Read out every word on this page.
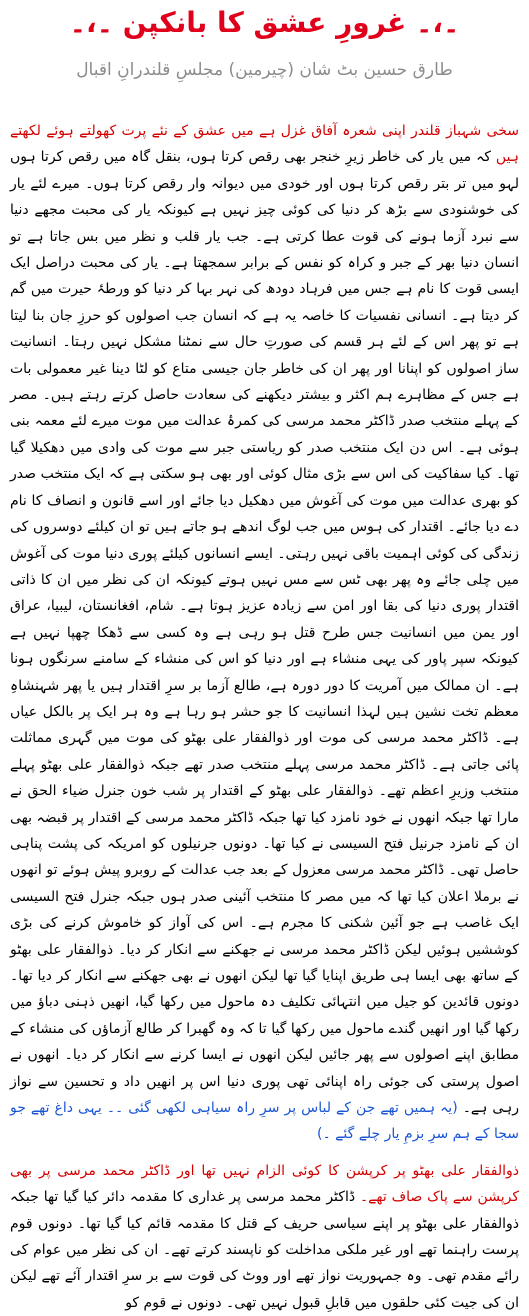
۔،۔ غرورِ عشق کا بانکپن ۔،۔
طارق حسین بٹ شان (چیرمین) مجلسِ قلندرانِ اقبال

سخی شہباز قلندر اپنی شعرہ آفاق غزل ہے میں عشق کے نئے پرت کھولتے ہوئے لکھتے ہیں کہ میں یار کی خاطر زیرِ خنجر بھی رقص کرتا ہوں، بنقل گاہ میں رقص کرتا ہوں لہو میں تر بتر رقص کرتا ہوں اور خودی میں دیوانہ وار رقص کرتا ہوں۔ میرے لئے یار کی خوشنودی سے بڑھ کر دنیا کی کوئی چیز نہیں ہے کیونکہ یار کی محبت مجھے دنیا سے نبرد آزما ہونے کی قوت عطا کرتی ہے۔ جب یار قلب و نظر میں بس جاتا ہے تو انسان دنیا بھر کے جبر و کراہ کو نفس کے برابر سمجھتا ہے۔ یار کی محبت دراصل ایک ایسی قوت کا نام ہے جس میں فرہاد دودھ کی نہر بہا کر دنیا کو ورطۂ حیرت میں گم کر دیتا ہے۔ انسانی نفسیات کا خاصہ یہ ہے کہ انسان جب اصولوں کو حرزِ جان بنا لیتا ہے تو پھر اس کے لئے ہر قسم کی صورتِ حال سے نمٹنا مشکل نہیں رہتا۔ انسانیت ساز اصولوں کو اپنانا اور پھر ان کی خاطر جان جیسی متاع کو لٹا دینا غیر معمولی بات ہے جس کے مظاہرے ہم اکثر و بیشتر دیکھنے کی سعادت حاصل کرتے رہتے ہیں۔ مصر کے پہلے منتخب صدر ڈاکٹر محمد مرسی کی کمرۂ عدالت میں موت میرے لئے معمہ بنی ہوئی ہے۔ اس دن ایک منتخب صدر کو ریاستی جبر سے موت کی وادی میں دھکیلا گیا تھا۔ کیا سفاکیت کی اس سے بڑی مثال کوئی اور بھی ہو سکتی ہے کہ ایک منتخب صدر کو بھری عدالت میں موت کی آغوش میں دھکیل دیا جائے اور اسے قانون و انصاف کا نام دے دیا جائے۔ اقتدار کی ہوس میں جب لوگ اندھے ہو جاتے ہیں تو ان کیلئے دوسروں کی زندگی کی کوئی اہمیت باقی نہیں رہتی۔ ایسے انسانوں کیلئے پوری دنیا موت کی آغوش میں چلی جائے وہ پھر بھی ٹس سے مس نہیں ہوتے کیونکہ ان کی نظر میں ان کا ذاتی اقتدار پوری دنیا کی بقا اور امن سے زیادہ عزیز ہوتا ہے۔ شام، افغانستان، لیبیا، عراق اور یمن میں انسانیت جس طرح قتل ہو رہی ہے وہ کسی سے ڈھکا چھپا نہیں ہے کیونکہ سپر پاور کی یہی منشاء ہے اور دنیا کو اس کی منشاء کے سامنے سرنگوں ہونا ہے۔ ان ممالک میں آمریت کا دور دورہ ہے، طالع آزما بر سرِ اقتدار ہیں یا پھر شہنشاہِ معظم تخت نشین ہیں لہذا انسانیت کا جو حشر ہو رہا ہے وہ ہر ایک پر بالکل عیاں ہے۔ ڈاکٹر محمد مرسی کی موت اور ذوالفقار علی بھٹو کی موت میں گہری مماثلت پائی جاتی ہے۔ ڈاکٹر محمد مرسی پہلے منتخب صدر تھے جبکہ ذوالفقار علی بھٹو پہلے منتخب وزیرِ اعظم تھے۔ ذوالفقار علی بھٹو کے اقتدار پر شب خون جنرل ضیاء الحق نے مارا تھا جبکہ انھوں نے خود نامزد کیا تھا جبکہ ڈاکٹر محمد مرسی کے اقتدار پر قبضہ بھی ان کے نامزد جرنیل فتح السیسی نے کیا تھا۔ دونوں جرنیلوں کو امریکہ کی پشت پناہی حاصل تھی۔ ڈاکٹر محمد مرسی معزول کے بعد جب عدالت کے روبرو پیش ہوئے تو انھوں نے برملا اعلان کیا تھا کہ میں مصر کا منتخب آئینی صدر ہوں جبکہ جنرل فتح السیسی ایک غاصب ہے جو آئین شکنی کا مجرم ہے۔ اس کی آواز کو خاموش کرنے کی بڑی کوششیں ہوئیں لیکن ڈاکٹر محمد مرسی نے جھکنے سے انکار کر دیا۔ ذوالفقار علی بھٹو کے ساتھ بھی ایسا ہی طریق اپنایا گیا تھا لیکن انھوں نے بھی جھکنے سے انکار کر دیا تھا۔ دونوں قائدین کو جیل میں انتہائی تکلیف دہ ماحول میں رکھا گیا، انھیں ذہنی دباؤ میں رکھا گیا اور انھیں گندے ماحول میں رکھا گیا تا کہ وہ گھبرا کر طالع آزماؤں کی منشاء کے مطابق اپنے اصولوں سے پھر جائیں لیکن انھوں نے ایسا کرنے سے انکار کر دیا۔ انھوں نے اصول پرستی کی جوئی راہ اپنائی تھی پوری دنیا اس پر انھیں داد و تحسین سے نواز رہی ہے۔ (یہ ہمیں تھے جن کے لباس پر سرِ راہ سیاہی لکھی گئی ۔۔ یہی داغ تھے جو سجا کے ہم سرِ بزمِ یار چلے گئے ۔)

ذوالفقار علی بھٹو پر کرپشن کا کوئی الزام نہیں تھا اور ڈاکٹر محمد مرسی پر بھی کرپشن سے پاک صاف تھے۔ ڈاکٹر محمد مرسی پر غداری کا مقدمہ دائر کیا گیا تھا جبکہ ذوالفقار علی بھٹو پر اپنے سیاسی حریف کے قتل کا مقدمہ قائم کیا گیا تھا۔ دونوں قوم پرست راہنما تھے اور غیر ملکی مداخلت کو ناپسند کرتے تھے۔ ان کی نظر میں عوام کی رائے مقدم تھی۔ وہ جمہوریت نواز تھے اور ووٹ کی قوت سے بر سرِ اقتدار آئے تھے لیکن ان کی جیت کئی حلقوں میں قابلِ قبول نہیں تھی۔ دونوں نے قوم کو
